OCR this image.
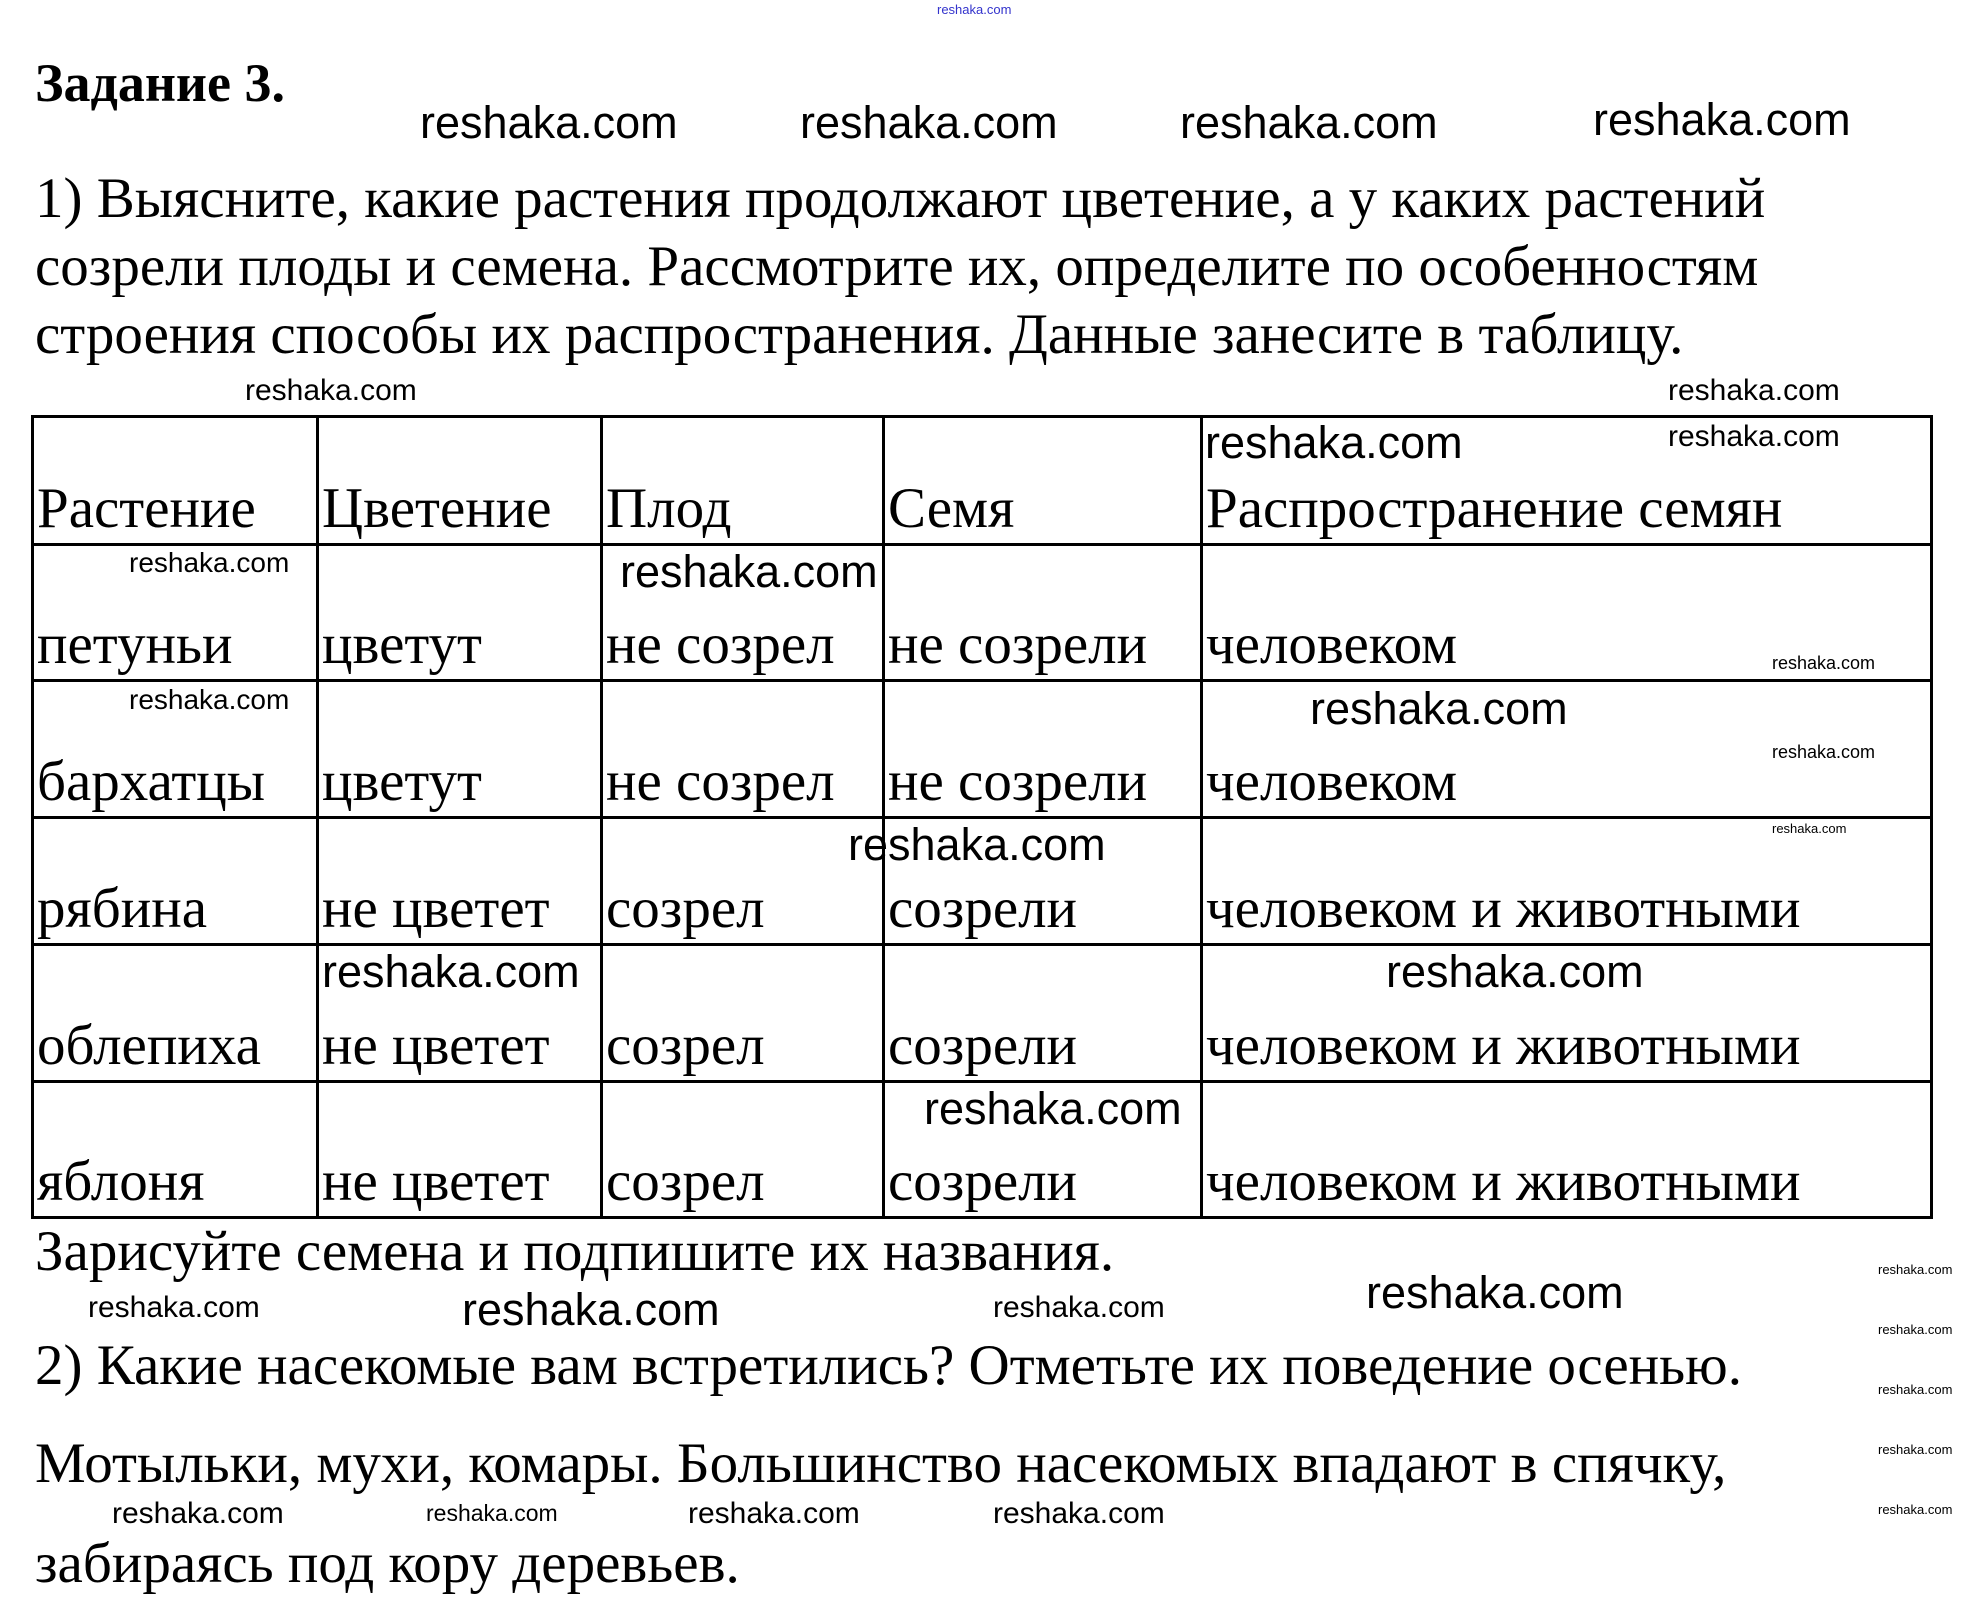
Задание 3.
1) Выясните, какие растения продолжают цветение, а у каких растений
созрели плоды и семена. Рассмотрите их, определите по особенностям
строения способы их распространения. Данные занесите в таблицу.
Растение	Цветение	Плод	Семя	Распространение семян
петуньи	цветут	не созрел	не созрели	человеком
бархатцы	цветут	не созрел	не созрели	человеком
рябина	не цветет	созрел	созрели	человеком и животными
облепиха	не цветет	созрел	созрели	человеком и животными
яблоня	не цветет	созрел	созрели	человеком и животными
Зарисуйте семена и подпишите их названия.
2) Какие насекомые вам встретились? Отметьте их поведение осенью.
Мотыльки, мухи, комары. Большинство насекомых впадают в спячку,
забираясь под кору деревьев.
reshaka.com
reshaka.com
reshaka.com	reshaka.com	reshaka.com
reshaka.com
reshaka.com
reshaka.com	reshaka.com
reshaka.com	reshaka.com
reshaka.com
reshaka.com
reshaka.com
reshaka.com
reshaka.com	reshaka.com
reshaka.com	reshaka.com
reshaka.com
reshaka.com
reshaka.com
reshaka.com	reshaka.com	reshaka.com
reshaka.com
reshaka.com
reshaka.com
reshaka.com
reshaka.com	reshaka.com	reshaka.com	reshaka.com
